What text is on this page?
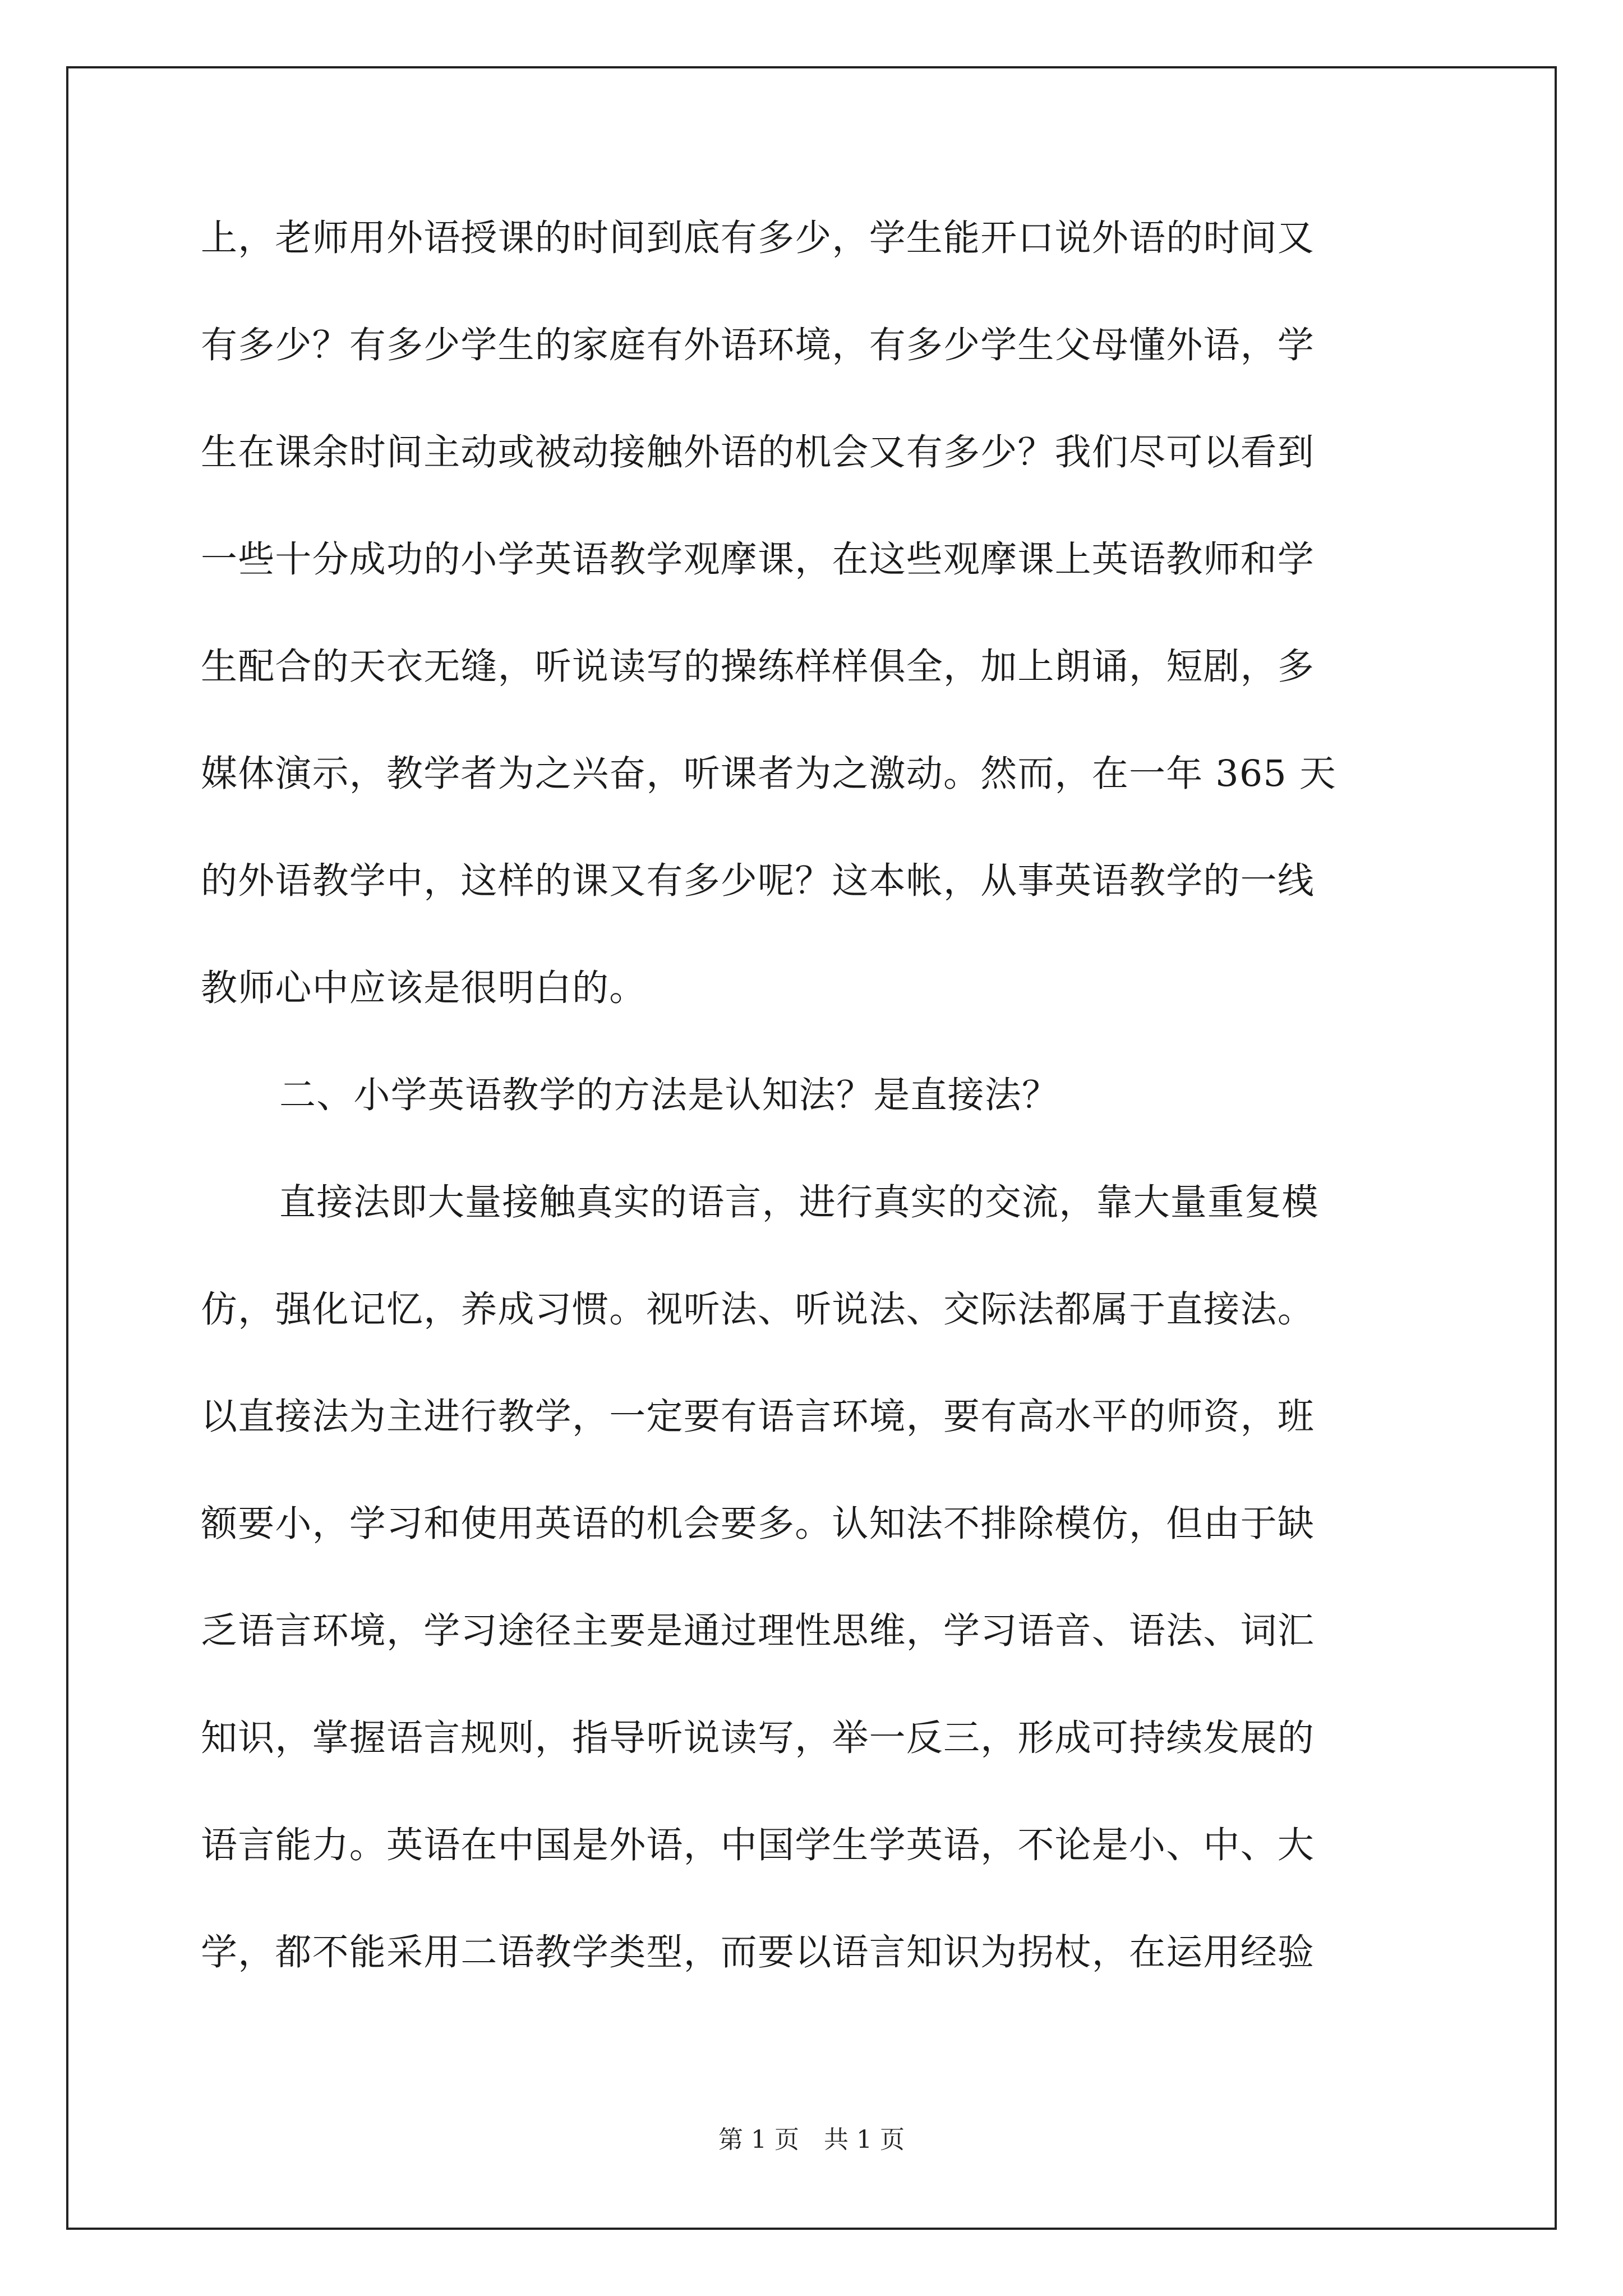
上，老师用外语授课的时间到底有多少，学生能开口说外语的时间又
有多少？有多少学生的家庭有外语环境，有多少学生父母懂外语，学
生在课余时间主动或被动接触外语的机会又有多少？我们尽可以看到
一些十分成功的小学英语教学观摩课，在这些观摩课上英语教师和学
生配合的天衣无缝，听说读写的操练样样俱全，加上朗诵，短剧，多
媒体演示，教学者为之兴奋，听课者为之激动。然而，在一年 365 天
的外语教学中，这样的课又有多少呢？这本帐，从事英语教学的一线
教师心中应该是很明白的。
二、小学英语教学的方法是认知法？是直接法？
直接法即大量接触真实的语言，进行真实的交流，靠大量重复模
仿，强化记忆，养成习惯。视听法、听说法、交际法都属于直接法。
以直接法为主进行教学，一定要有语言环境，要有高水平的师资，班
额要小，学习和使用英语的机会要多。认知法不排除模仿，但由于缺
乏语言环境，学习途径主要是通过理性思维，学习语音、语法、词汇
知识，掌握语言规则，指导听说读写，举一反三，形成可持续发展的
语言能力。英语在中国是外语，中国学生学英语，不论是小、中、大
学，都不能采用二语教学类型，而要以语言知识为拐杖，在运用经验
第 1 页　共 1 页
